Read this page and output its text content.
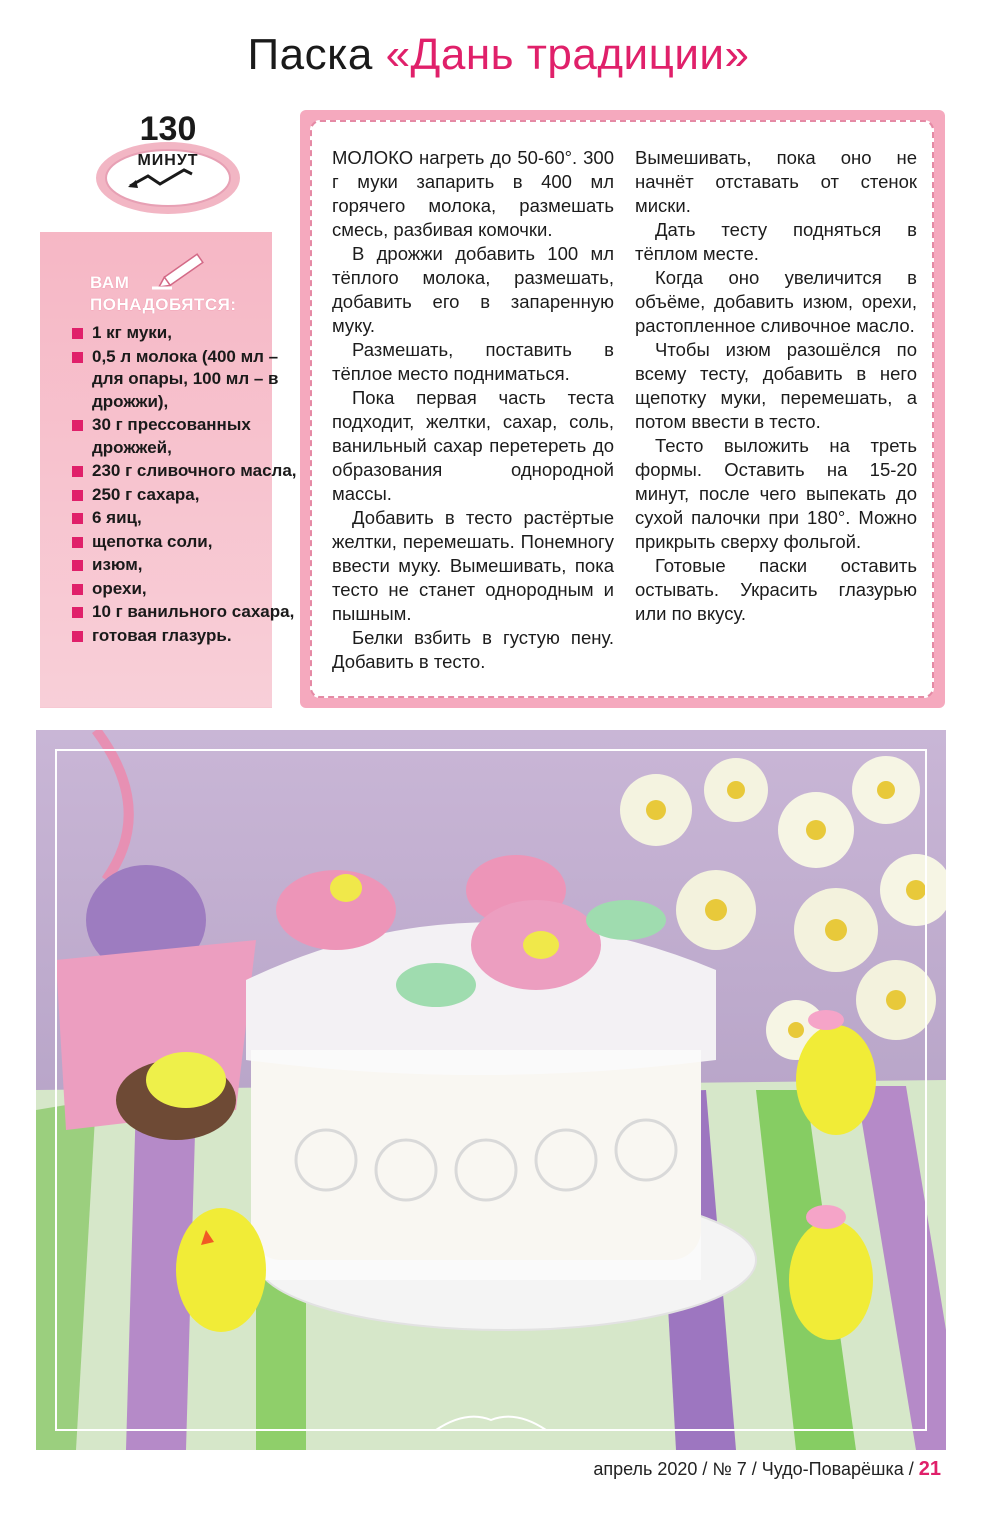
Паска «Дань традиции»
130
МИНУТ
ВАМ
ПОНАДОБЯТСЯ:
1 кг муки,
0,5 л молока (400 мл – для опары, 100 мл – в дрожжи),
30 г прессованных дрожжей,
230 г сливочного масла,
250 г сахара,
6 яиц,
щепотка соли,
изюм,
орехи,
10 г ванильного сахара,
готовая глазурь.

МОЛОКО нагреть до 50-60°. 300 г муки запарить в 400 мл горячего молока, размешать смесь, разбивая комочки.

В дрожжи добавить 100 мл тёплого молока, размешать, добавить его в запаренную муку.

Размешать, поставить в тёплое место подниматься.

Пока первая часть теста подходит, желтки, сахар, соль, ванильный сахар перетереть до образования однородной массы.

Добавить в тесто растёртые желтки, перемешать. Понемногу ввести муку. Вымешивать, пока тесто не станет однородным и пышным.

Белки взбить в густую пену. Добавить в тесто.

Вымешивать, пока оно не начнёт отставать от стенок миски.

Дать тесту подняться в тёплом месте.

Когда оно увеличится в объёме, добавить изюм, орехи, растопленное сливочное масло.

Чтобы изюм разошёлся по всему тесту, добавить в него щепотку муки, перемешать, а потом ввести в тесто.

Тесто выложить на треть формы. Оставить на 15-20 минут, после чего выпекать до сухой палочки при 180°. Можно прикрыть сверху фольгой.

Готовые паски оставить остывать. Украсить глазурью или по вкусу.

апрель 2020 / № 7 / Чудо-Поварёшка / 21
